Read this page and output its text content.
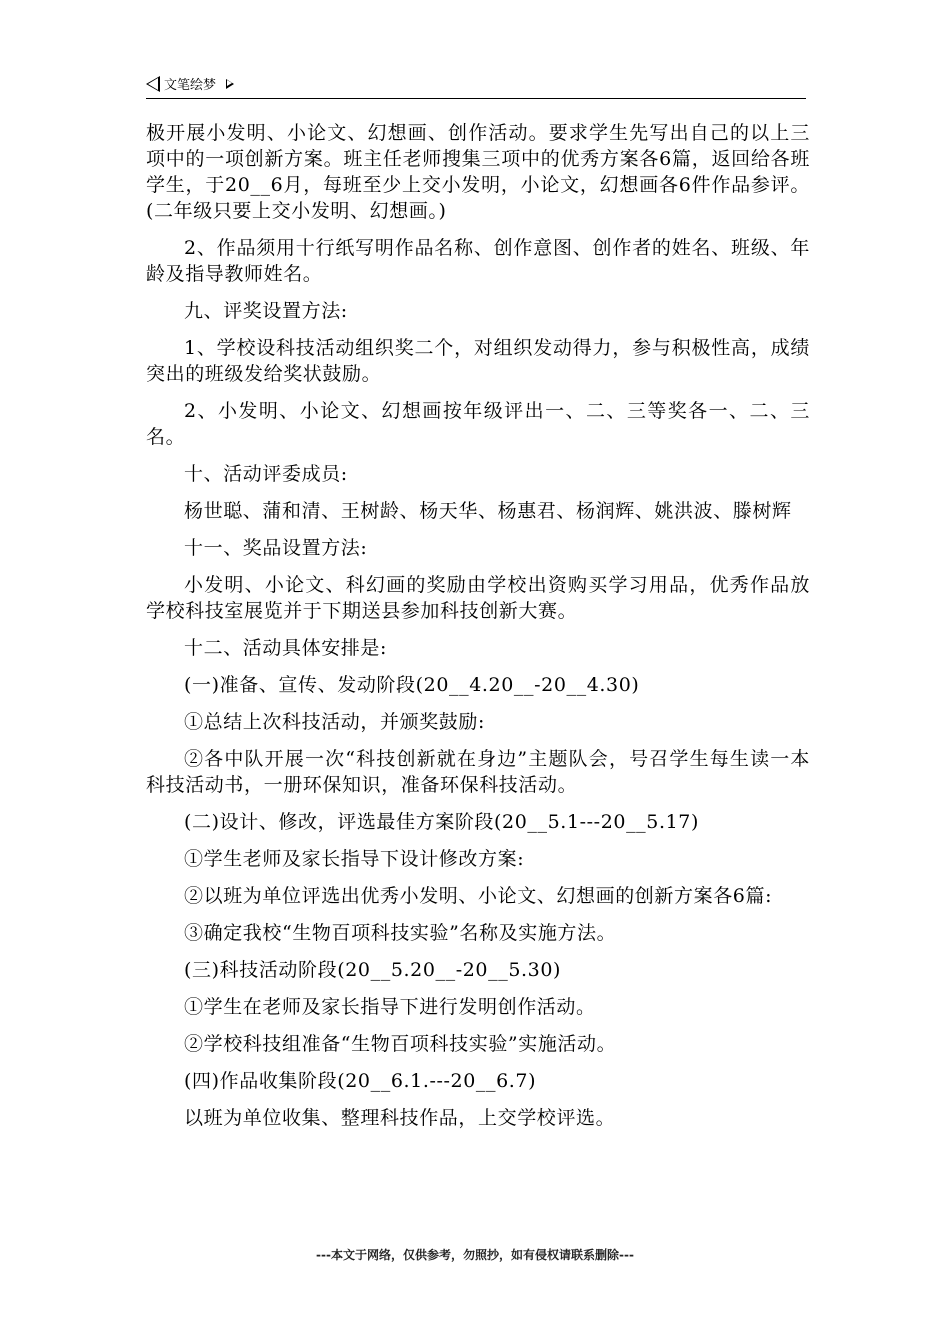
文笔绘梦

极开展小发明、小论文、幻想画、创作活动。要求学生先写出自己的以上三项中的一项创新方案。班主任老师搜集三项中的优秀方案各6篇，返回给各班学生，于20__6月，每班至少上交小发明，小论文，幻想画各6件作品参评。(二年级只要上交小发明、幻想画。)

2、作品须用十行纸写明作品名称、创作意图、创作者的姓名、班级、年龄及指导教师姓名。

九、评奖设置方法:

1、学校设科技活动组织奖二个，对组织发动得力，参与积极性高，成绩突出的班级发给奖状鼓励。

2、小发明、小论文、幻想画按年级评出一、二、三等奖各一、二、三名。

十、活动评委成员:

杨世聪、蒲和清、王树龄、杨天华、杨惠君、杨润辉、姚洪波、滕树辉

十一、奖品设置方法:

小发明、小论文、科幻画的奖励由学校出资购买学习用品，优秀作品放学校科技室展览并于下期送县参加科技创新大赛。

十二、活动具体安排是:

(一)准备、宣传、发动阶段(20__4.20__-20__4.30)

①总结上次科技活动，并颁奖鼓励:

②各中队开展一次“科技创新就在身边”主题队会，号召学生每生读一本科技活动书，一册环保知识，准备环保科技活动。

(二)设计、修改，评选最佳方案阶段(20__5.1---20__5.17)

①学生老师及家长指导下设计修改方案:

②以班为单位评选出优秀小发明、小论文、幻想画的创新方案各6篇:

③确定我校“生物百项科技实验”名称及实施方法。

(三)科技活动阶段(20__5.20__-20__5.30)

①学生在老师及家长指导下进行发明创作活动。

②学校科技组准备“生物百项科技实验”实施活动。

(四)作品收集阶段(20__6.1.---20__6.7)

以班为单位收集、整理科技作品，上交学校评选。

---本文于网络，仅供参考，勿照抄，如有侵权请联系删除---
